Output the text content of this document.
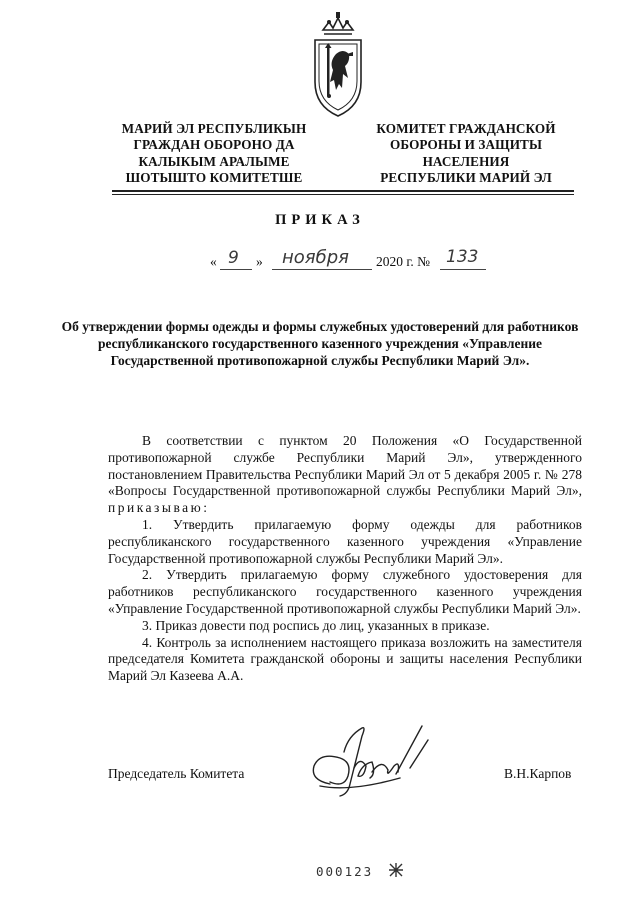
МАРИЙ ЭЛ РЕСПУБЛИКЫН
ГРАЖДАН ОБОРОНО ДА
КАЛЫКЫМ АРАЛЫМЕ
ШОТЫШТО КОМИТЕТШЕ
КОМИТЕТ ГРАЖДАНСКОЙ
ОБОРОНЫ И ЗАЩИТЫ
НАСЕЛЕНИЯ
РЕСПУБЛИКИ МАРИЙ ЭЛ
ПРИКАЗ
« 9 » ноября 2020 г. № 133
Об утверждении формы одежды и формы служебных удостоверений для работников республиканского государственного казенного учреждения «Управление Государственной противопожарной службы Республики Марий Эл».

В соответствии с пунктом 20 Положения «О Государственной противопожарной службе Республики Марий Эл», утвержденного постановлением Правительства Республики Марий Эл от 5 декабря 2005 г. № 278 «Вопросы Государственной противопожарной службы Республики Марий Эл», приказываю:

1. Утвердить прилагаемую форму одежды для работников республиканского государственного казенного учреждения «Управление Государственной противопожарной службы Республики Марий Эл».

2. Утвердить прилагаемую форму служебного удостоверения для работников республиканского государственного казенного учреждения «Управление Государственной противопожарной службы Республики Марий Эл».

3. Приказ довести под роспись до лиц, указанных в приказе.

4. Контроль за исполнением настоящего приказа возложить на заместителя председателя Комитета гражданской обороны и защиты населения Республики Марий Эл Казеева А.А.

Председатель Комитета	В.Н.Карпов
000123
